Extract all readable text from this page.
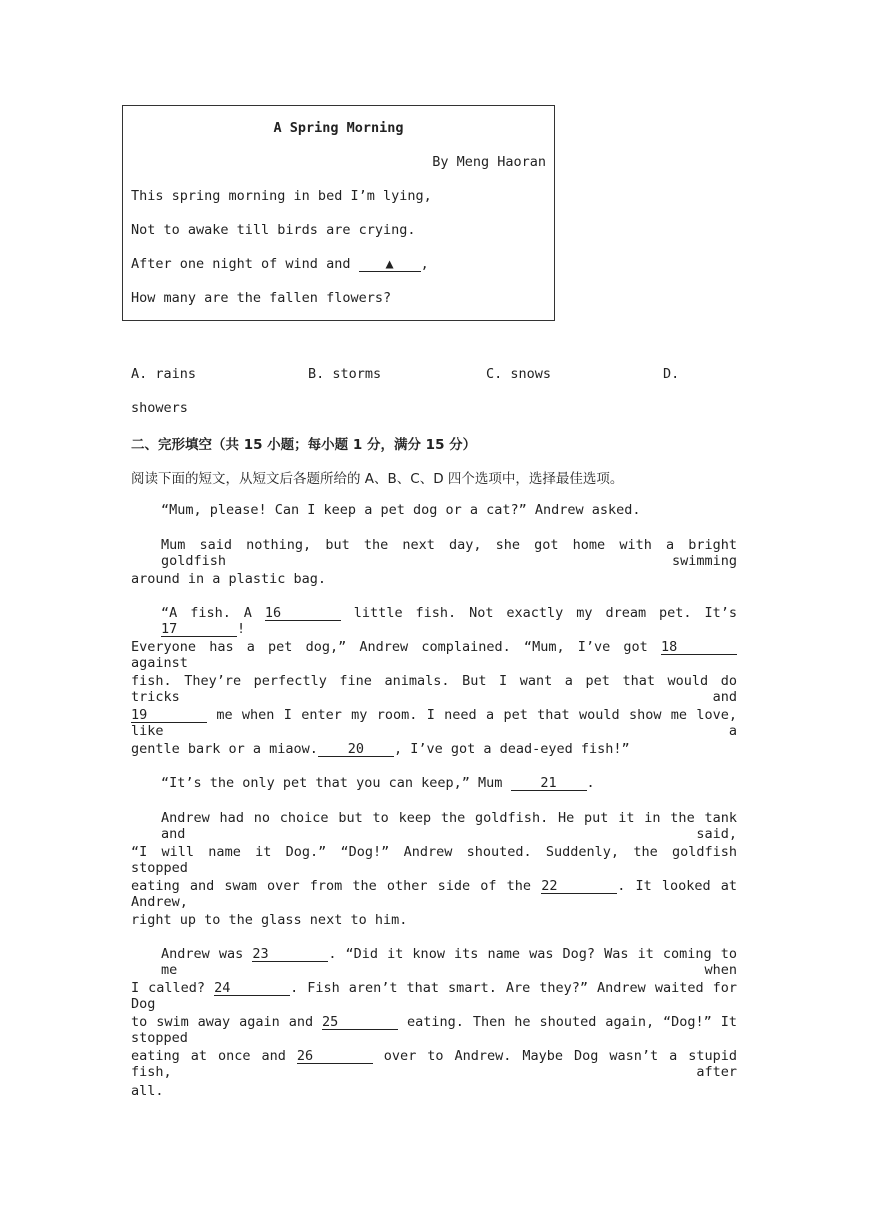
A Spring Morning
By Meng Haoran
This spring morning in bed I’m lying,
Not to awake till birds are crying.
After one night of wind and ▲ ,
How many are the fallen flowers?
A. rains	B. storms	C. snows	D.
showers
二、完形填空（共 15 小题；每小题 1 分，满分 15 分）
阅读下面的短文，从短文后各题所给的 A、B、C、D 四个选项中，选择最佳选项。
“Mum, please! Can I keep a pet dog or a cat?” Andrew asked.
Mum said nothing, but the next day, she got home with a bright goldfish swimming
around in a plastic bag.
“A fish. A 16	little fish. Not exactly my dream pet. It’s 17	!
Everyone has a pet dog,” Andrew complained. “Mum, I’ve got 18 against
fish. They’re perfectly fine animals. But I want a pet that would do tricks and
19	me when I enter my room. I need a pet that would show me love, like a
gentle bark or a miaow. 20 , I’ve got a dead-eyed fish!”
“It’s the only pet that you can keep,” Mum 21 .
Andrew had no choice but to keep the goldfish. He put it in the tank and said,
“I will name it Dog.” “Dog!” Andrew shouted. Suddenly, the goldfish stopped
eating and swam over from the other side of the 22	. It looked at Andrew,
right up to the glass next to him.
Andrew was 23	. “Did it know its name was Dog? Was it coming to me when
I called? 24	. Fish aren’t that smart. Are they?” Andrew waited for Dog
to swim away again and 25	eating. Then he shouted again, “Dog!” It stopped
eating at once and 26	over to Andrew. Maybe Dog wasn’t a stupid fish, after
all.
